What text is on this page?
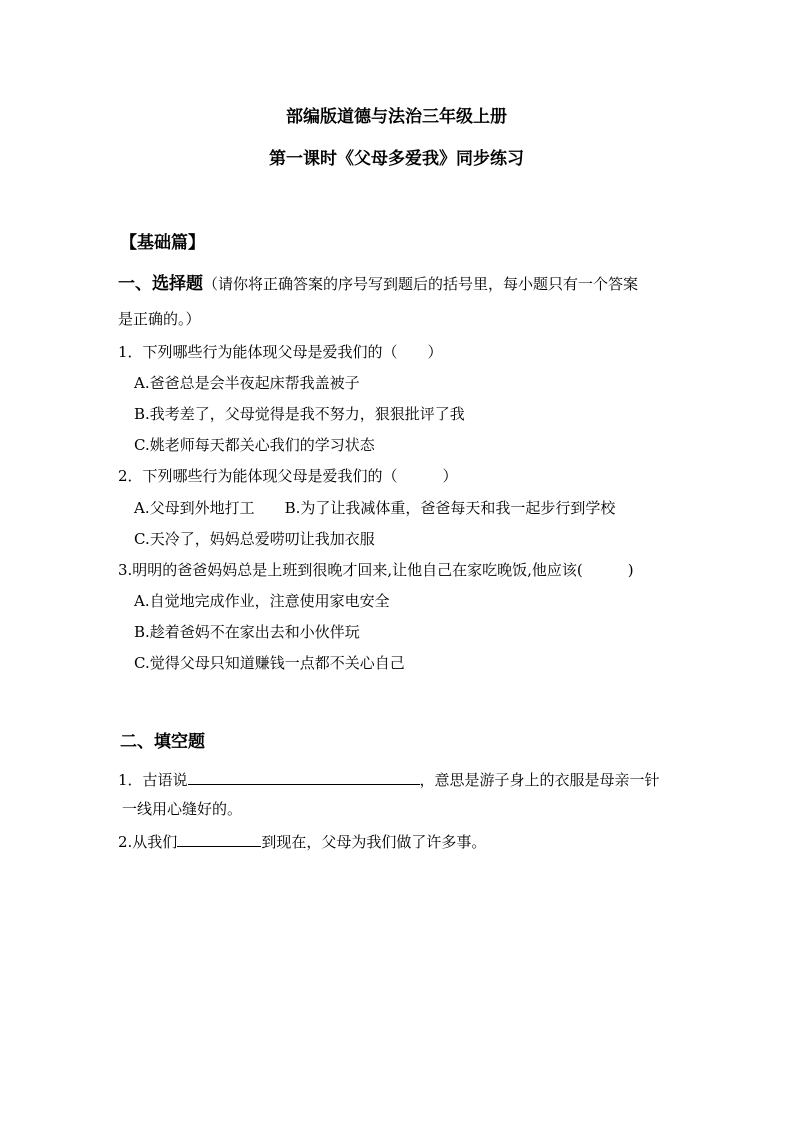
部编版道德与法治三年级上册
第一课时《父母多爱我》同步练习
【基础篇】
一、选择题（请你将正确答案的序号写到题后的括号里，每小题只有一个答案
是正确的。）
1．下列哪些行为能体现父母是爱我们的（　　）
A.爸爸总是会半夜起床帮我盖被子
B.我考差了，父母觉得是我不努力，狠狠批评了我
C.姚老师每天都关心我们的学习状态
2．下列哪些行为能体现父母是爱我们的（　　　）
A.父母到外地打工 B.为了让我减体重，爸爸每天和我一起步行到学校
C.天冷了，妈妈总爱唠叨让我加衣服
3.明明的爸爸妈妈总是上班到很晚才回来,让他自己在家吃晚饭,他应该(　　　)
A.自觉地完成作业，注意使用家电安全
B.趁着爸妈不在家出去和小伙伴玩
C.觉得父母只知道赚钱一点都不关心自己
二、填空题
1．古语说	，意思是游子身上的衣服是母亲一针
一线用心缝好的。
2.从我们	到现在，父母为我们做了许多事。
